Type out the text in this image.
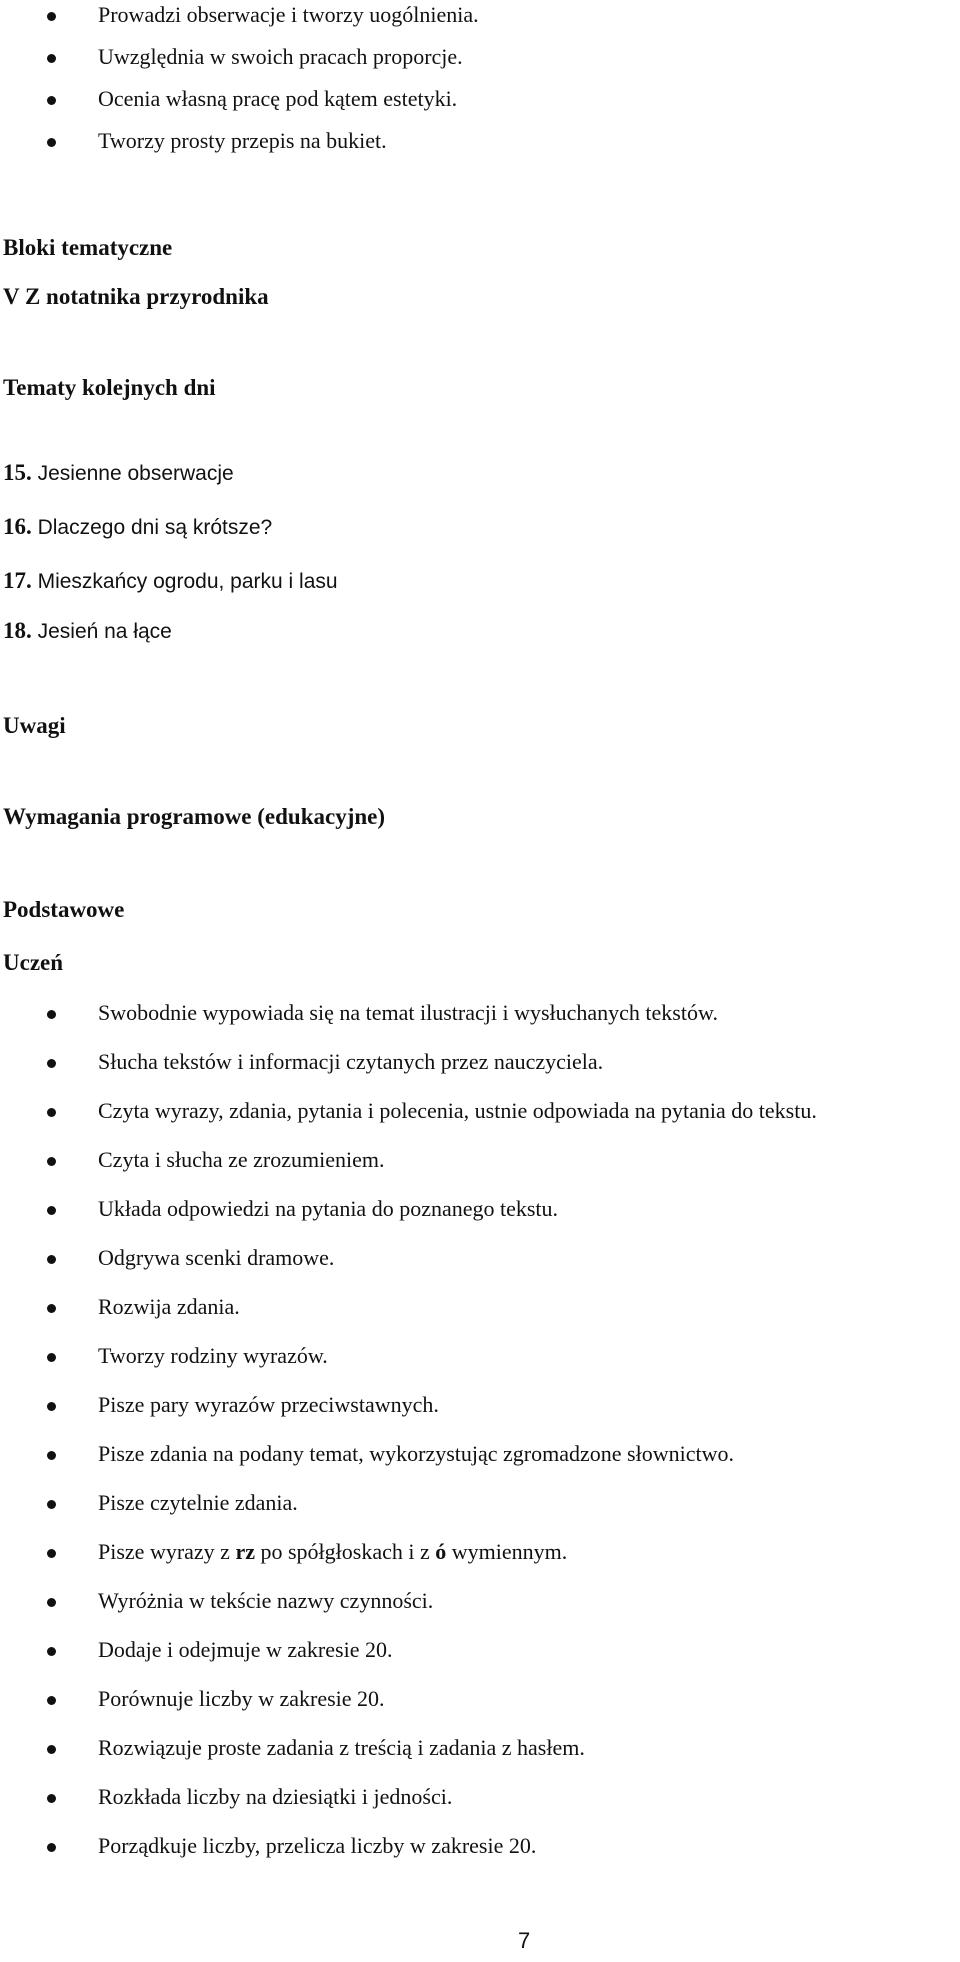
Prowadzi obserwacje i tworzy uogólnienia.
Uwzględnia w swoich pracach proporcje.
Ocenia własną pracę pod kątem estetyki.
Tworzy prosty przepis na bukiet.
Bloki tematyczne
V Z notatnika przyrodnika
Tematy kolejnych dni
15. Jesienne obserwacje
16. Dlaczego dni są krótsze?
17. Mieszkańcy ogrodu, parku i lasu
18. Jesień na łące
Uwagi
Wymagania programowe (edukacyjne)
Podstawowe
Uczeń
Swobodnie wypowiada się na temat ilustracji i wysłuchanych tekstów.
Słucha tekstów i informacji czytanych przez nauczyciela.
Czyta wyrazy, zdania, pytania i polecenia, ustnie odpowiada na pytania do tekstu.
Czyta i słucha ze zrozumieniem.
Układa odpowiedzi na pytania do poznanego tekstu.
Odgrywa scenki dramowe.
Rozwija zdania.
Tworzy rodziny wyrazów.
Pisze pary wyrazów przeciwstawnych.
Pisze zdania na podany temat, wykorzystując zgromadzone słownictwo.
Pisze czytelnie zdania.
Pisze wyrazy z rz po spółgłoskach i z ó wymiennym.
Wyróżnia w tekście nazwy czynności.
Dodaje i odejmuje w zakresie 20.
Porównuje liczby w zakresie 20.
Rozwiązuje proste zadania z treścią i zadania z hasłem.
Rozkłada liczby na dziesiątki i jedności.
Porządkuje liczby, przelicza liczby w zakresie 20.
7
